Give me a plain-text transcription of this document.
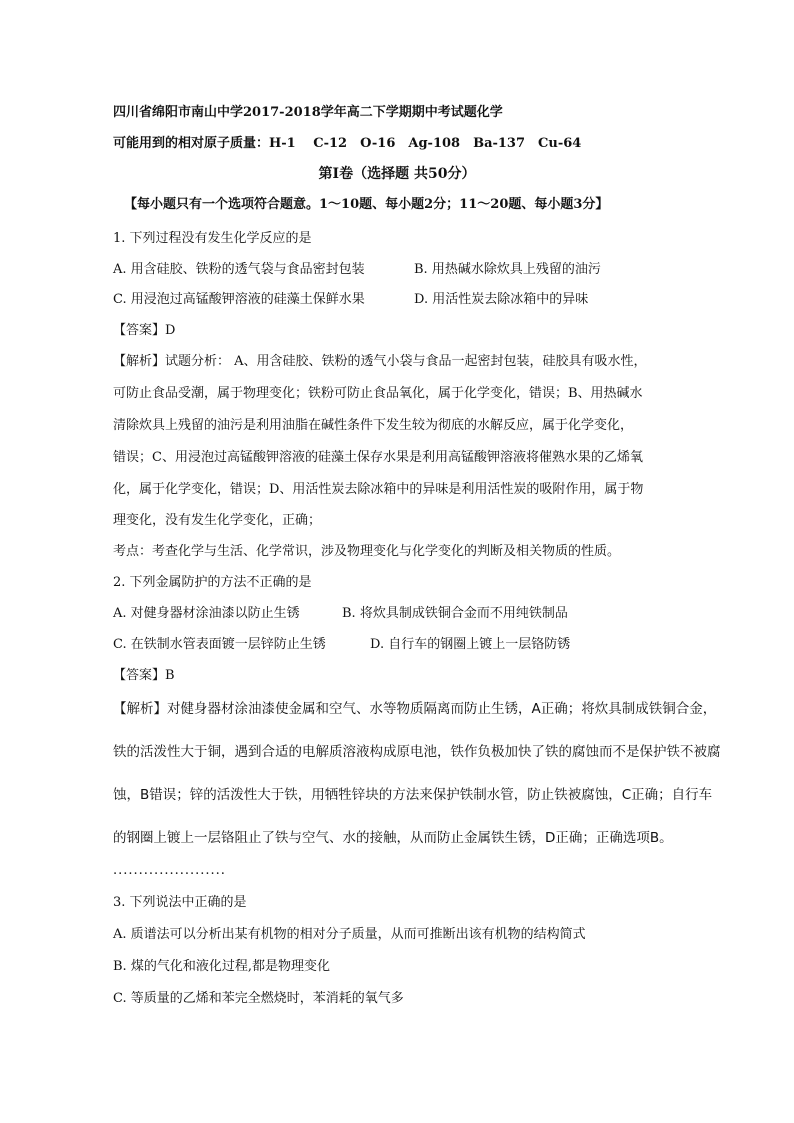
四川省绵阳市南山中学2017-2018学年高二下学期期中考试题化学
可能用到的相对原子质量：H-1　 C-12　O-16　Ag-108　Ba-137　Cu-64
第Ⅰ卷（选择题 共50分）
【每小题只有一个选项符合题意。1～10题、每小题2分；11～20题、每小题3分】
1. 下列过程没有发生化学反应的是
A. 用含硅胶、铁粉的透气袋与食品密封包装	B. 用热碱水除炊具上残留的油污
C. 用浸泡过高锰酸钾溶液的硅藻土保鲜水果	D. 用活性炭去除冰箱中的异味
【答案】D
【解析】试题分析： A、用含硅胶、铁粉的透气小袋与食品一起密封包装，硅胶具有吸水性，
可防止食品受潮，属于物理变化；铁粉可防止食品氧化，属于化学变化，错误；B、用热碱水
清除炊具上残留的油污是利用油脂在碱性条件下发生较为彻底的水解反应，属于化学变化，
错误；C、用浸泡过高锰酸钾溶液的硅藻土保存水果是利用高锰酸钾溶液将催熟水果的乙烯氧
化，属于化学变化，错误；D、用活性炭去除冰箱中的异味是利用活性炭的吸附作用，属于物
理变化，没有发生化学变化，正确；
考点：考查化学与生活、化学常识，涉及物理变化与化学变化的判断及相关物质的性质。
2. 下列金属防护的方法不正确的是
A. 对健身器材涂油漆以防止生锈	B. 将炊具制成铁铜合金而不用纯铁制品
C. 在铁制水管表面镀一层锌防止生锈	D. 自行车的钢圈上镀上一层铬防锈
【答案】B
【解析】对健身器材涂油漆使金属和空气、水等物质隔离而防止生锈，A正确；将炊具制成铁铜合金，
铁的活泼性大于铜，遇到合适的电解质溶液构成原电池，铁作负极加快了铁的腐蚀而不是保护铁不被腐
蚀，B错误；锌的活泼性大于铁，用牺牲锌块的方法来保护铁制水管，防止铁被腐蚀，C正确；自行车
的钢圈上镀上一层铬阻止了铁与空气、水的接触，从而防止金属铁生锈，D正确；正确选项B。
......................
3. 下列说法中正确的是
A. 质谱法可以分析出某有机物的相对分子质量，从而可推断出该有机物的结构简式
B. 煤的气化和液化过程,都是物理变化
C. 等质量的乙烯和苯完全燃烧时，苯消耗的氧气多
